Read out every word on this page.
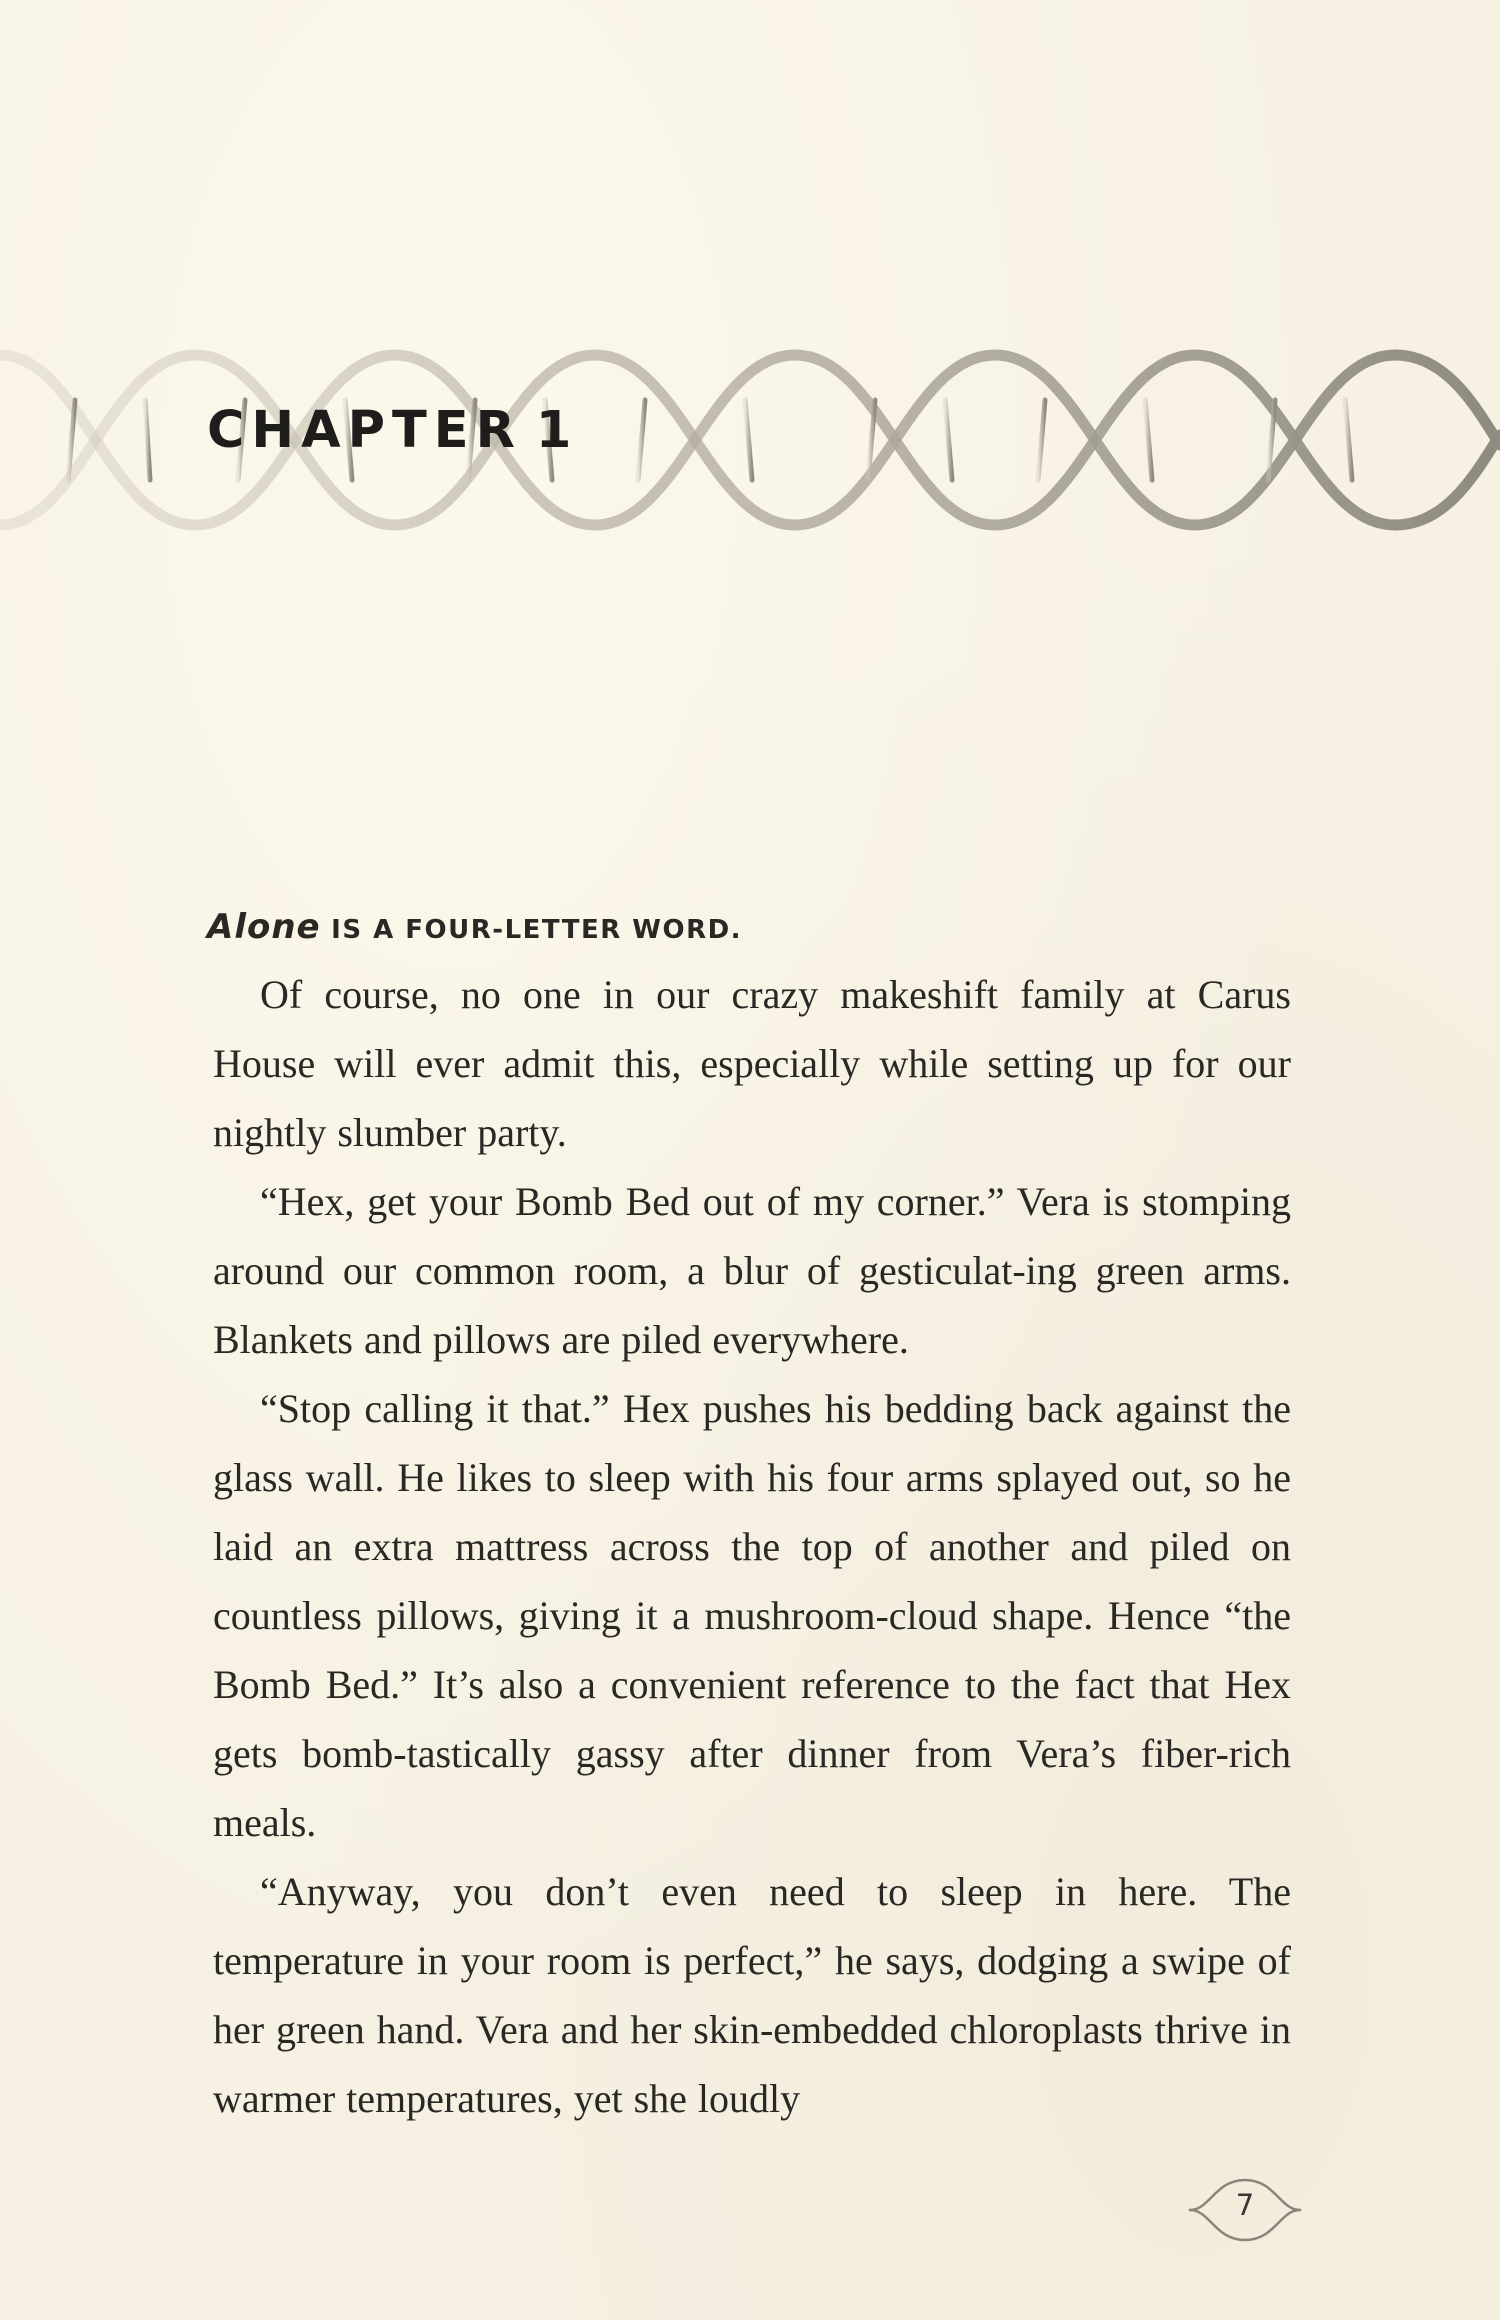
CHAPTER 1

Alone IS A FOUR-LETTER WORD.

Of course, no one in our crazy makeshift family at Carus House will ever admit this, especially while setting up for our nightly slumber party.

“Hex, get your Bomb Bed out of my corner.” Vera is stomping around our common room, a blur of gesticulat-ing green arms. Blankets and pillows are piled everywhere.

“Stop calling it that.” Hex pushes his bedding back against the glass wall. He likes to sleep with his four arms splayed out, so he laid an extra mattress across the top of another and piled on countless pillows, giving it a mushroom-cloud shape. Hence “the Bomb Bed.” It’s also a convenient reference to the fact that Hex gets bomb-tastically gassy after dinner from Vera’s fiber-rich meals.

“Anyway, you don’t even need to sleep in here. The temperature in your room is perfect,” he says, dodging a swipe of her green hand. Vera and her skin-embedded chloroplasts thrive in warmer temperatures, yet she loudly

7
